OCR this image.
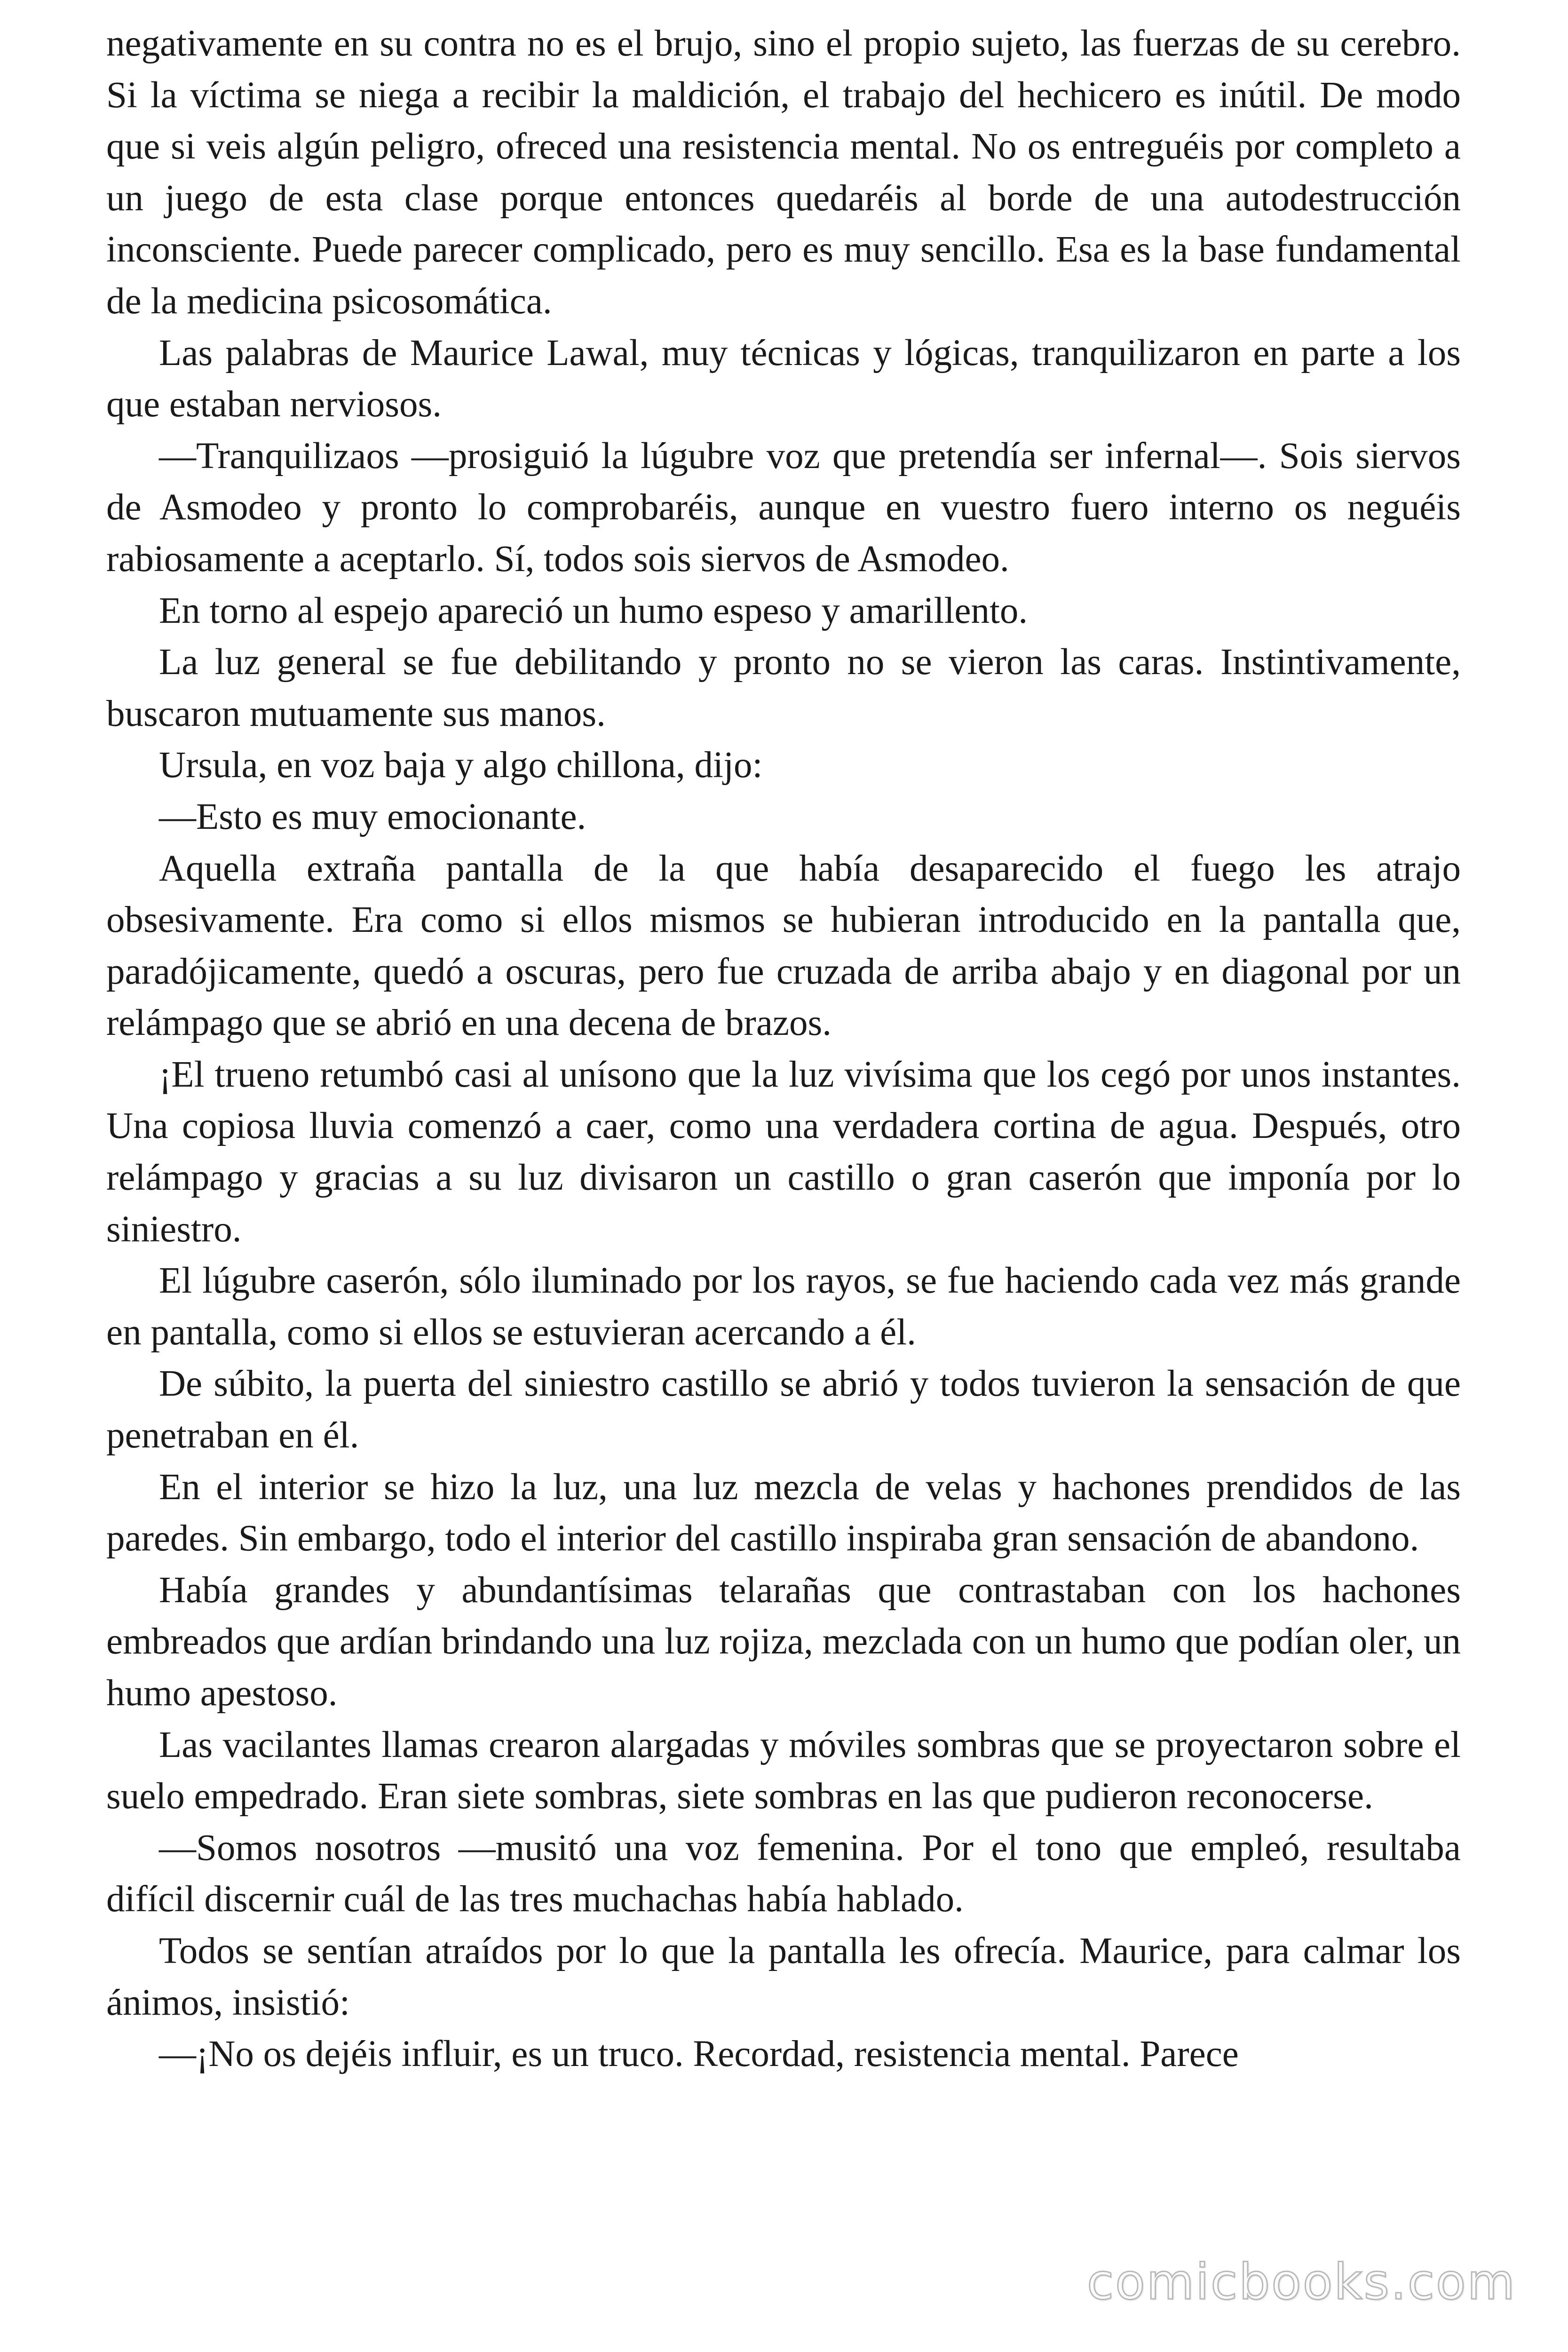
negativamente en su contra no es el brujo, sino el propio sujeto, las fuerzas de su cerebro. Si la víctima se niega a recibir la maldición, el trabajo del hechicero es inútil. De modo que si veis algún peligro, ofreced una resistencia mental. No os entreguéis por completo a un juego de esta clase porque entonces quedaréis al borde de una autodestrucción inconsciente. Puede parecer complicado, pero es muy sencillo. Esa es la base fundamental de la medicina psicosomática.

Las palabras de Maurice Lawal, muy técnicas y lógicas, tranquilizaron en parte a los que estaban nerviosos.

—Tranquilizaos —prosiguió la lúgubre voz que pretendía ser infernal—. Sois siervos de Asmodeo y pronto lo comprobaréis, aunque en vuestro fuero interno os neguéis rabiosamente a aceptarlo. Sí, todos sois siervos de Asmodeo.

En torno al espejo apareció un humo espeso y amarillento.

La luz general se fue debilitando y pronto no se vieron las caras. Instintivamente, buscaron mutuamente sus manos.

Ursula, en voz baja y algo chillona, dijo:

—Esto es muy emocionante.

Aquella extraña pantalla de la que había desaparecido el fuego les atrajo obsesivamente. Era como si ellos mismos se hubieran introducido en la pantalla que, paradójicamente, quedó a oscuras, pero fue cruzada de arriba abajo y en diagonal por un relámpago que se abrió en una decena de brazos.

¡El trueno retumbó casi al unísono que la luz vivísima que los cegó por unos instantes. Una copiosa lluvia comenzó a caer, como una verdadera cortina de agua. Después, otro relámpago y gracias a su luz divisaron un castillo o gran caserón que imponía por lo siniestro.

El lúgubre caserón, sólo iluminado por los rayos, se fue haciendo cada vez más grande en pantalla, como si ellos se estuvieran acercando a él.

De súbito, la puerta del siniestro castillo se abrió y todos tuvieron la sensación de que penetraban en él.

En el interior se hizo la luz, una luz mezcla de velas y hachones prendidos de las paredes. Sin embargo, todo el interior del castillo inspiraba gran sensación de abandono.

Había grandes y abundantísimas telarañas que contrastaban con los hachones embreados que ardían brindando una luz rojiza, mezclada con un humo que podían oler, un humo apestoso.

Las vacilantes llamas crearon alargadas y móviles sombras que se proyectaron sobre el suelo empedrado. Eran siete sombras, siete sombras en las que pudieron reconocerse.

—Somos nosotros —musitó una voz femenina. Por el tono que empleó, resultaba difícil discernir cuál de las tres muchachas había hablado.

Todos se sentían atraídos por lo que la pantalla les ofrecía. Maurice, para calmar los ánimos, insistió:

—¡No os dejéis influir, es un truco. Recordad, resistencia mental. Parece

comicbooks.com
